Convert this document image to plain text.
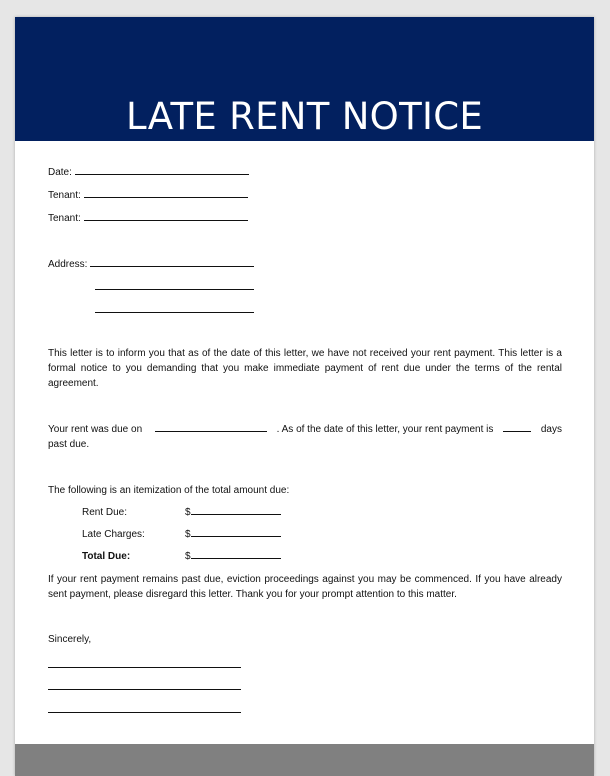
LATE RENT NOTICE
Date:
Tenant:
Tenant:
Address:
This letter is to inform you that as of the date of this letter, we have not received your rent payment. This letter is a formal notice to you demanding that you make immediate payment of rent due under the terms of the rental agreement.
Your rent was due on	. As of the date of this letter, your rent payment is	days
past due.
The following is an itemization of the total amount due:
Rent Due:	$
Late Charges:	$
Total Due:	$
If your rent payment remains past due, eviction proceedings against you may be commenced. If you have already sent payment, please disregard this letter. Thank you for your prompt attention to this matter.
Sincerely,
